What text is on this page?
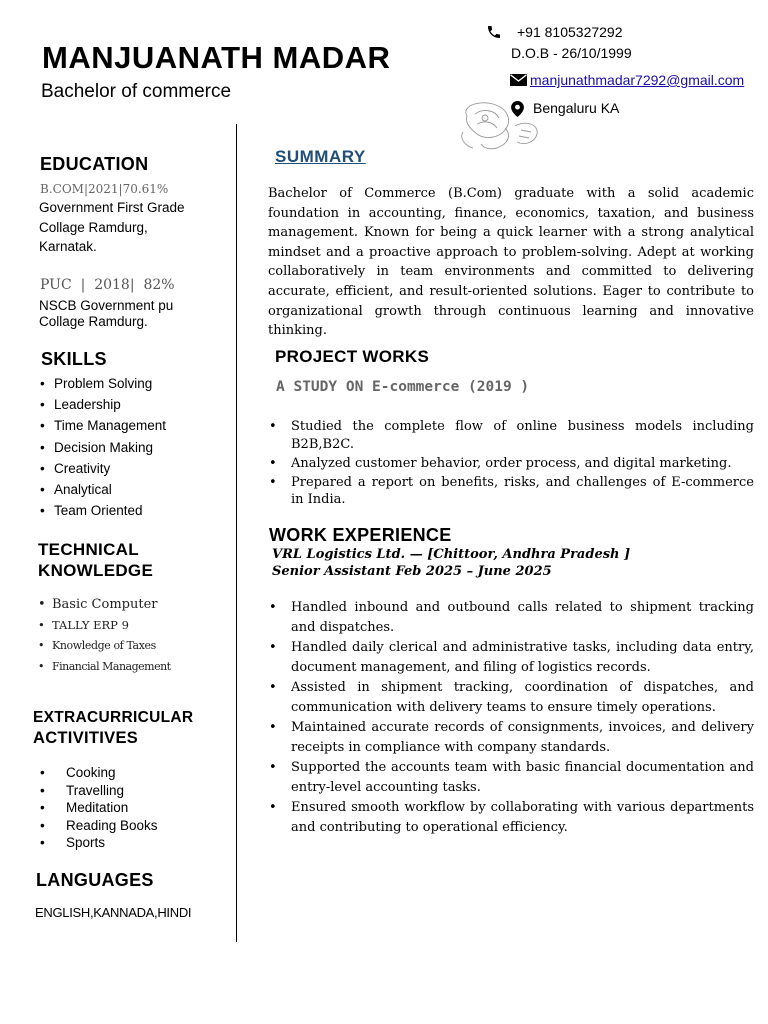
MANJUANATH MADAR
Bachelor of commerce
+91 8105327292
D.O.B - 26/10/1999
manjunathmadar7292@gmail.com
Bengaluru KA
EDUCATION
B.COM|2021|70.61%
Government First Grade
Collage Ramdurg,
Karnatak.
PUC  |  2018|  82%
NSCB Government pu
Collage Ramdurg.
SKILLS
• Problem Solving
• Leadership
• Time Management
• Decision Making
• Creativity
• Analytical
• Team Oriented
TECHNICAL
KNOWLEDGE
• Basic Computer
• TALLY ERP 9
• Knowledge of Taxes
• Financial Management
EXTRACURRICULAR
ACTIVITIVES
• Cooking
• Travelling
• Meditation
• Reading Books
• Sports
LANGUAGES
ENGLISH,KANNADA,HINDI
SUMMARY
Bachelor of Commerce (B.Com) graduate with a solid academic foundation in accounting, finance, economics, taxation, and business management. Known for being a quick learner with a strong analytical mindset and a proactive approach to problem-solving. Adept at working collaboratively in team environments and committed to delivering accurate, efficient, and result-oriented solutions. Eager to contribute to organizational growth through continuous learning and innovative thinking.
PROJECT WORKS
A STUDY ON E-commerce (2019 )
• Studied the complete flow of online business models including B2B,B2C.
• Analyzed customer behavior, order process, and digital marketing.
• Prepared a report on benefits, risks, and challenges of E-commerce in India.
WORK EXPERIENCE
VRL Logistics Ltd. — [Chittoor, Andhra Pradesh ]
Senior Assistant Feb 2025 – June 2025
• Handled inbound and outbound calls related to shipment tracking and dispatches.
• Handled daily clerical and administrative tasks, including data entry, document management, and filing of logistics records.
• Assisted in shipment tracking, coordination of dispatches, and communication with delivery teams to ensure timely operations.
• Maintained accurate records of consignments, invoices, and delivery receipts in compliance with company standards.
• Supported the accounts team with basic financial documentation and entry-level accounting tasks.
• Ensured smooth workflow by collaborating with various departments and contributing to operational efficiency.
